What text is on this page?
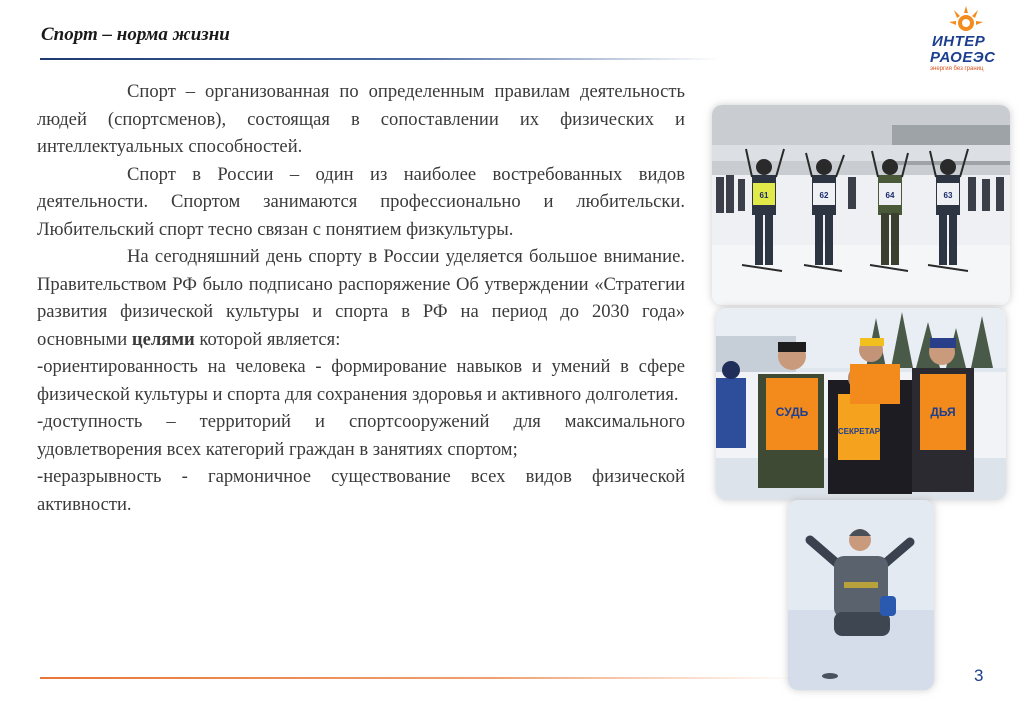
Спорт – норма жизни	ИНТЕР
РАОЕЭС
энергия без границ

Спорт – организованная по определенным правилам деятельность людей (спортсменов), состоящая в сопоставлении их физических и интеллектуальных способностей.

Спорт в России – один из наиболее востребованных видов деятельности. Спортом занимаются профессионально и любительски. Любительский спорт тесно связан с понятием физкультуры.

На сегодняшний день спорту в России уделяется большое внимание. Правительством РФ было подписано распоряжение Об утверждении «Стратегии развития физической культуры и спорта в РФ на период до 2030 года» основными целями которой является:

-ориентированность на человека - формирование навыков и умений в сфере физической культуры и спорта для сохранения здоровья и активного долголетия.

-доступность – территорий и спортсооружений для максимального удовлетворения всех категорий граждан в занятиях спортом;

-неразрывность - гармоничное существование всех видов физической активности.

61	62	64	63
СУДЬ
СЕКРЕТАР
ДЬЯ
3
